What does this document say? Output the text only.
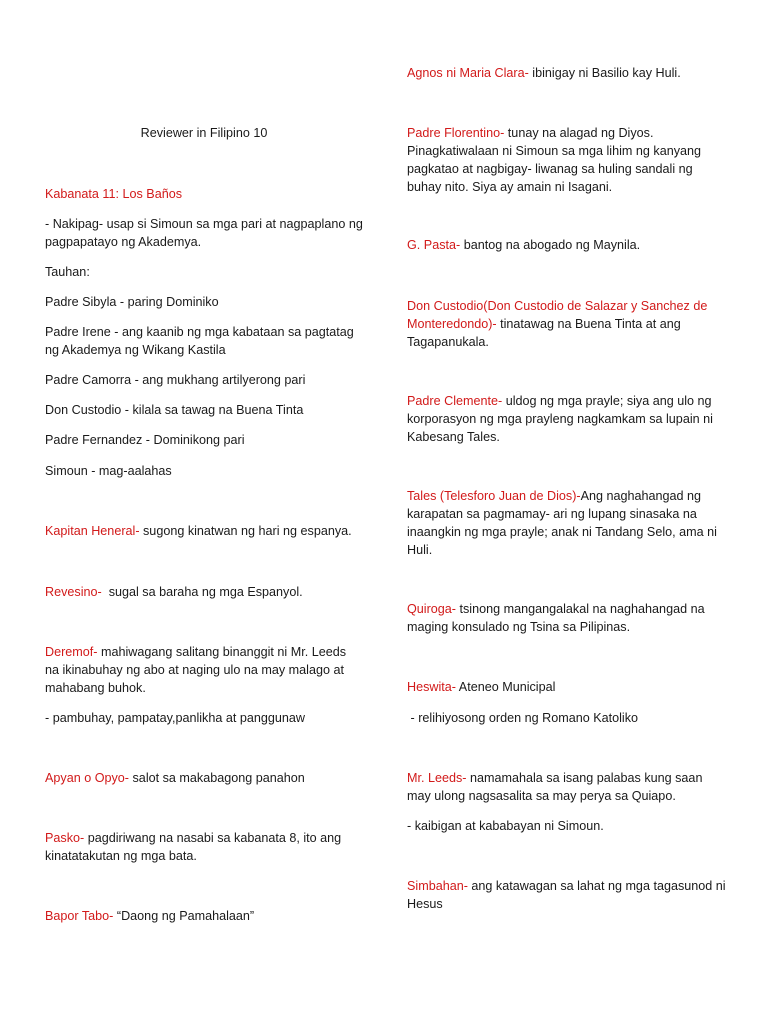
Reviewer in Filipino 10
Kabanata 11: Los Baños
- Nakipag- usap si Simoun sa mga pari at nagpaplano ng pagpapatayo ng Akademya.
Tauhan:
Padre Sibyla - paring Dominiko
Padre Irene - ang kaanib ng mga kabataan sa pagtatag ng Akademya ng Wikang Kastila
Padre Camorra - ang mukhang artilyerong pari
Don Custodio - kilala sa tawag na Buena Tinta
Padre Fernandez - Dominikong pari
Simoun - mag-aalahas
Kapitan Heneral- sugong kinatwan ng hari ng espanya.
Revesino-  sugal sa baraha ng mga Espanyol.
Deremof- mahiwagang salitang binanggit ni Mr. Leeds na ikinabuhay ng abo at naging ulo na may malago at mahabang buhok.
- pambuhay, pampatay,panlikha at panggunaw
Apyan o Opyo- salot sa makabagong panahon
Pasko- pagdiriwang na nasabi sa kabanata 8, ito ang kinatatakutan ng mga bata.
Bapor Tabo- “Daong ng Pamahalaan”
Agnos ni Maria Clara- ibinigay ni Basilio kay Huli.
Padre Florentino- tunay na alagad ng Diyos. Pinagkatiwalaan ni Simoun sa mga lihim ng kanyang pagkatao at nagbigay- liwanag sa huling sandali ng buhay nito. Siya ay amain ni Isagani.
G. Pasta- bantog na abogado ng Maynila.
Don Custodio(Don Custodio de Salazar y Sanchez de Monteredondo)- tinatawag na Buena Tinta at ang Tagapanukala.
Padre Clemente- uldog ng mga prayle; siya ang ulo ng korporasyon ng mga prayleng nagkamkam sa lupain ni Kabesang Tales.
Tales (Telesforo Juan de Dios)-Ang naghahangad ng karapatan sa pagmamay- ari ng lupang sinasaka na inaangkin ng mga prayle; anak ni Tandang Selo, ama ni Huli.
Quiroga- tsinong mangangalakal na naghahangad na maging konsulado ng Tsina sa Pilipinas.
Heswita- Ateneo Municipal
- relihiyosong orden ng Romano Katoliko
Mr. Leeds- namamahala sa isang palabas kung saan may ulong nagsasalita sa may perya sa Quiapo.
- kaibigan at kababayan ni Simoun.
Simbahan- ang katawagan sa lahat ng mga tagasunod ni Hesus
